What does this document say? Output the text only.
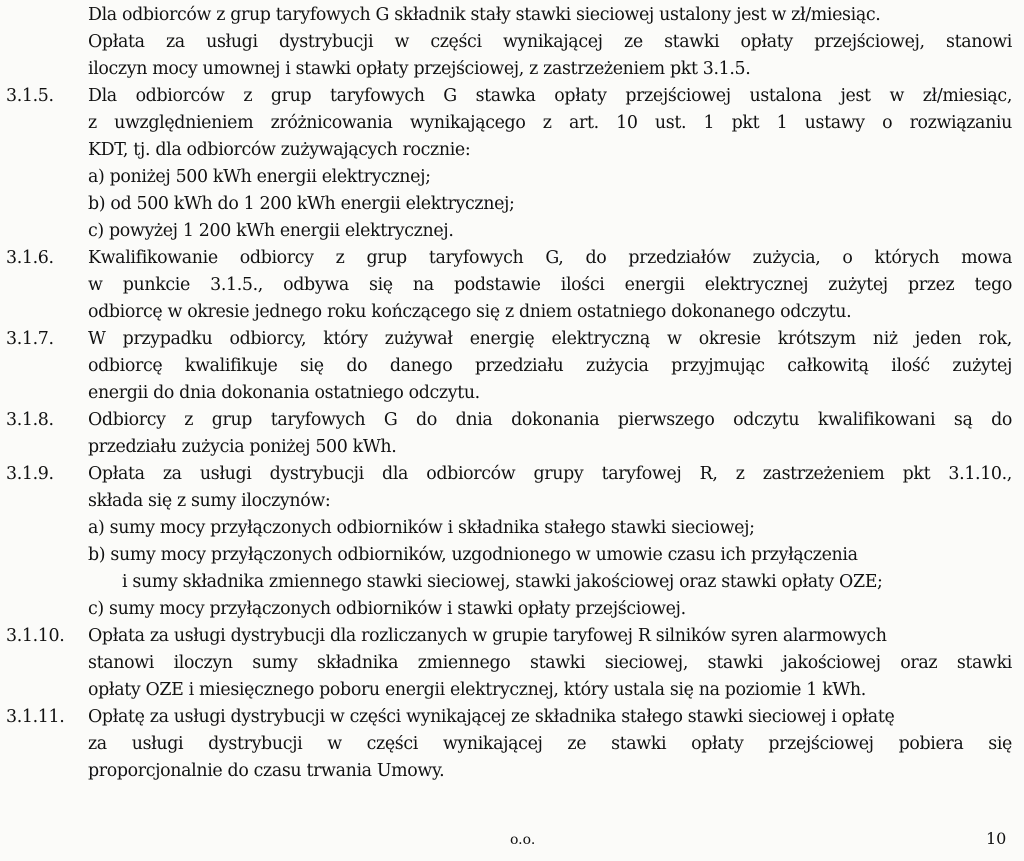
Dla odbiorców z grup taryfowych G składnik stały stawki sieciowej ustalony jest w zł/miesiąc.
Opłata za usługi dystrybucji w części wynikającej ze stawki opłaty przejściowej, stanowi
iloczyn mocy umownej i stawki opłaty przejściowej, z zastrzeżeniem pkt 3.1.5.
3.1.5. Dla odbiorców z grup taryfowych G stawka opłaty przejściowej ustalona jest w zł/miesiąc,
z uwzględnieniem zróżnicowania wynikającego z art. 10 ust. 1 pkt 1 ustawy o rozwiązaniu
KDT, tj. dla odbiorców zużywających rocznie:
a) poniżej 500 kWh energii elektrycznej;
b) od 500 kWh do 1 200 kWh energii elektrycznej;
c) powyżej 1 200 kWh energii elektrycznej.
3.1.6. Kwalifikowanie odbiorcy z grup taryfowych G, do przedziałów zużycia, o których mowa
w punkcie 3.1.5., odbywa się na podstawie ilości energii elektrycznej zużytej przez tego
odbiorcę w okresie jednego roku kończącego się z dniem ostatniego dokonanego odczytu.
3.1.7. W przypadku odbiorcy, który zużywał energię elektryczną w okresie krótszym niż jeden rok,
odbiorcę kwalifikuje się do danego przedziału zużycia przyjmując całkowitą ilość zużytej
energii do dnia dokonania ostatniego odczytu.
3.1.8. Odbiorcy z grup taryfowych G do dnia dokonania pierwszego odczytu kwalifikowani są do
przedziału zużycia poniżej 500 kWh.
3.1.9. Opłata za usługi dystrybucji dla odbiorców grupy taryfowej R, z zastrzeżeniem pkt 3.1.10.,
składa się z sumy iloczynów:
a) sumy mocy przyłączonych odbiorników i składnika stałego stawki sieciowej;
b) sumy mocy przyłączonych odbiorników, uzgodnionego w umowie czasu ich przyłączenia
i sumy składnika zmiennego stawki sieciowej, stawki jakościowej oraz stawki opłaty OZE;
c) sumy mocy przyłączonych odbiorników i stawki opłaty przejściowej.
3.1.10. Opłata za usługi dystrybucji dla rozliczanych w grupie taryfowej R silników syren alarmowych
stanowi iloczyn sumy składnika zmiennego stawki sieciowej, stawki jakościowej oraz stawki
opłaty OZE i miesięcznego poboru energii elektrycznej, który ustala się na poziomie 1 kWh.
3.1.11. Opłatę za usługi dystrybucji w części wynikającej ze składnika stałego stawki sieciowej i opłatę
za usługi dystrybucji w części wynikającej ze stawki opłaty przejściowej pobiera się
proporcjonalnie do czasu trwania Umowy.
o.o.	10
